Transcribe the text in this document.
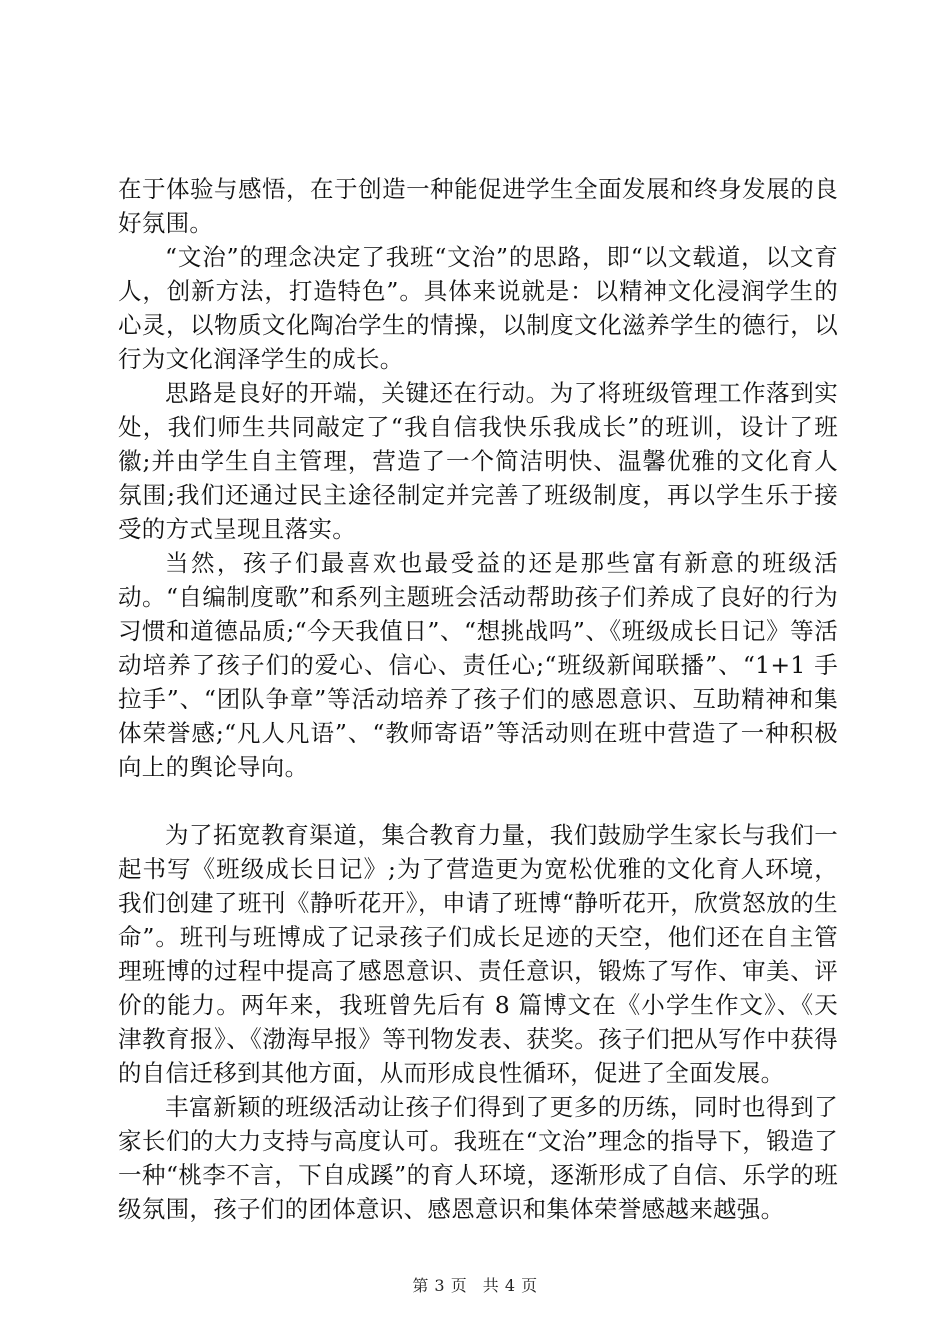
在于体验与感悟，在于创造一种能促进学生全面发展和终身发展的良好氛围。

“文治”的理念决定了我班“文治”的思路，即“以文载道，以文育人，创新方法，打造特色”。具体来说就是：以精神文化浸润学生的心灵，以物质文化陶冶学生的情操，以制度文化滋养学生的德行，以行为文化润泽学生的成长。

思路是良好的开端，关键还在行动。为了将班级管理工作落到实处，我们师生共同敲定了“我自信我快乐我成长”的班训，设计了班徽;并由学生自主管理，营造了一个简洁明快、温馨优雅的文化育人氛围;我们还通过民主途径制定并完善了班级制度，再以学生乐于接受的方式呈现且落实。

当然，孩子们最喜欢也最受益的还是那些富有新意的班级活动。“自编制度歌”和系列主题班会活动帮助孩子们养成了良好的行为习惯和道德品质;“今天我值日”、“想挑战吗”、《班级成长日记》等活动培养了孩子们的爱心、信心、责任心;“班级新闻联播”、“1+1 手拉手”、“团队争章”等活动培养了孩子们的感恩意识、互助精神和集体荣誉感;“凡人凡语”、“教师寄语”等活动则在班中营造了一种积极向上的舆论导向。

为了拓宽教育渠道，集合教育力量，我们鼓励学生家长与我们一起书写《班级成长日记》;为了营造更为宽松优雅的文化育人环境，我们创建了班刊《静听花开》，申请了班博“静听花开，欣赏怒放的生命”。班刊与班博成了记录孩子们成长足迹的天空，他们还在自主管理班博的过程中提高了感恩意识、责任意识，锻炼了写作、审美、评价的能力。两年来，我班曾先后有 8 篇博文在《小学生作文》、《天津教育报》、《渤海早报》等刊物发表、获奖。孩子们把从写作中获得的自信迁移到其他方面，从而形成良性循环，促进了全面发展。

丰富新颖的班级活动让孩子们得到了更多的历练，同时也得到了家长们的大力支持与高度认可。我班在“文治”理念的指导下，锻造了一种“桃李不言，下自成蹊”的育人环境，逐渐形成了自信、乐学的班级氛围，孩子们的团体意识、感恩意识和集体荣誉感越来越强。

第 3 页 共 4 页
